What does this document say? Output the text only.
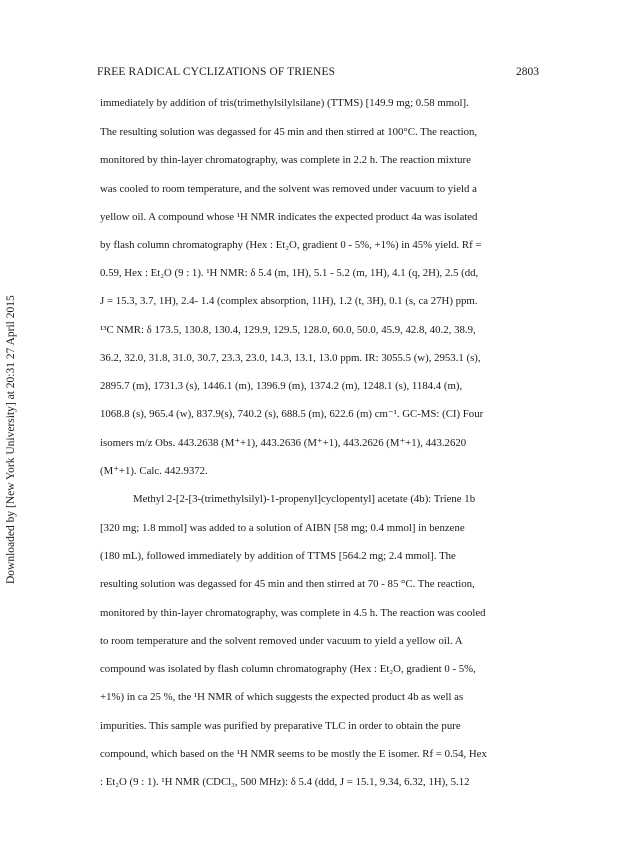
FREE RADICAL CYCLIZATIONS OF TRIENES	2803
Downloaded by [New York University] at 20:31 27 April 2015
immediately by addition of tris(trimethylsilylsilane) (TTMS) [149.9 mg; 0.58 mmol].
The resulting solution was degassed for 45 min and then stirred at 100°C. The reaction,
monitored by thin-layer chromatography, was complete in 2.2 h. The reaction mixture
was cooled to room temperature, and the solvent was removed under vacuum to yield a
yellow oil. A compound whose ¹H NMR indicates the expected product 4a was isolated
by flash column chromatography (Hex : Et₂O, gradient 0 - 5%, +1%) in 45% yield. Rf =
0.59, Hex : Et₂O (9 : 1). ¹H NMR: δ 5.4 (m, 1H), 5.1 - 5.2 (m, 1H), 4.1 (q, 2H), 2.5 (dd,
J = 15.3, 3.7, 1H), 2.4- 1.4 (complex absorption, 11H), 1.2 (t, 3H), 0.1 (s, ca 27H) ppm.
¹³C NMR: δ 173.5, 130.8, 130.4, 129.9, 129.5, 128.0, 60.0, 50.0, 45.9, 42.8, 40.2, 38.9,
36.2, 32.0, 31.8, 31.0, 30.7, 23.3, 23.0, 14.3, 13.1, 13.0 ppm. IR: 3055.5 (w), 2953.1 (s),
2895.7 (m), 1731.3 (s), 1446.1 (m), 1396.9 (m), 1374.2 (m), 1248.1 (s), 1184.4 (m),
1068.8 (s), 965.4 (w), 837.9(s), 740.2 (s), 688.5 (m), 622.6 (m) cm⁻¹. GC-MS: (CI) Four
isomers m/z Obs. 443.2638 (M⁺+1), 443.2636 (M⁺+1), 443.2626 (M⁺+1), 443.2620
(M⁺+1). Calc. 442.9372.
Methyl 2-[2-[3-(trimethylsilyl)-1-propenyl]cyclopentyl] acetate (4b): Triene 1b
[320 mg; 1.8 mmol] was added to a solution of AIBN [58 mg; 0.4 mmol] in benzene
(180 mL), followed immediately by addition of TTMS [564.2 mg; 2.4 mmol]. The
resulting solution was degassed for 45 min and then stirred at 70 - 85 °C. The reaction,
monitored by thin-layer chromatography, was complete in 4.5 h. The reaction was cooled
to room temperature and the solvent removed under vacuum to yield a yellow oil. A
compound was isolated by flash column chromatography (Hex : Et₂O, gradient 0 - 5%,
+1%) in ca 25 %, the ¹H NMR of which suggests the expected product 4b as well as
impurities. This sample was purified by preparative TLC in order to obtain the pure
compound, which based on the ¹H NMR seems to be mostly the E isomer. Rf = 0.54, Hex
: Et₂O (9 : 1). ¹H NMR (CDCl₃, 500 MHz): δ 5.4 (ddd, J = 15.1, 9.34, 6.32, 1H), 5.12
